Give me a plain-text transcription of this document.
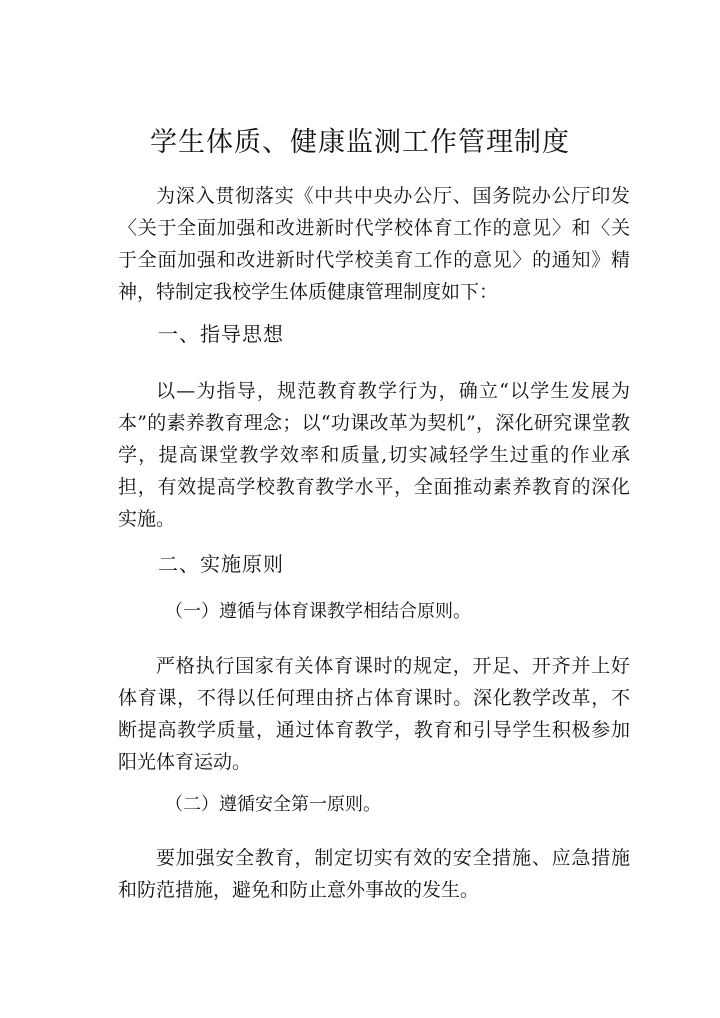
学生体质、健康监测工作管理制度
为深入贯彻落实《中共中央办公厅、国务院办公厅印发〈关于全面加强和改进新时代学校体育工作的意见〉和〈关于全面加强和改进新时代学校美育工作的意见〉的通知》精神，特制定我校学生体质健康管理制度如下：
一、指导思想
以—为指导，规范教育教学行为，确立“以学生发展为本”的素养教育理念；以“功课改革为契机”，深化研究课堂教学，提高课堂教学效率和质量,切实减轻学生过重的作业承担，有效提高学校教育教学水平，全面推动素养教育的深化实施。
二、实施原则
（一）遵循与体育课教学相结合原则。
严格执行国家有关体育课时的规定，开足、开齐并上好体育课，不得以任何理由挤占体育课时。深化教学改革，不断提高教学质量，通过体育教学，教育和引导学生积极参加阳光体育运动。
（二）遵循安全第一原则。
要加强安全教育，制定切实有效的安全措施、应急措施和防范措施，避免和防止意外事故的发生。
